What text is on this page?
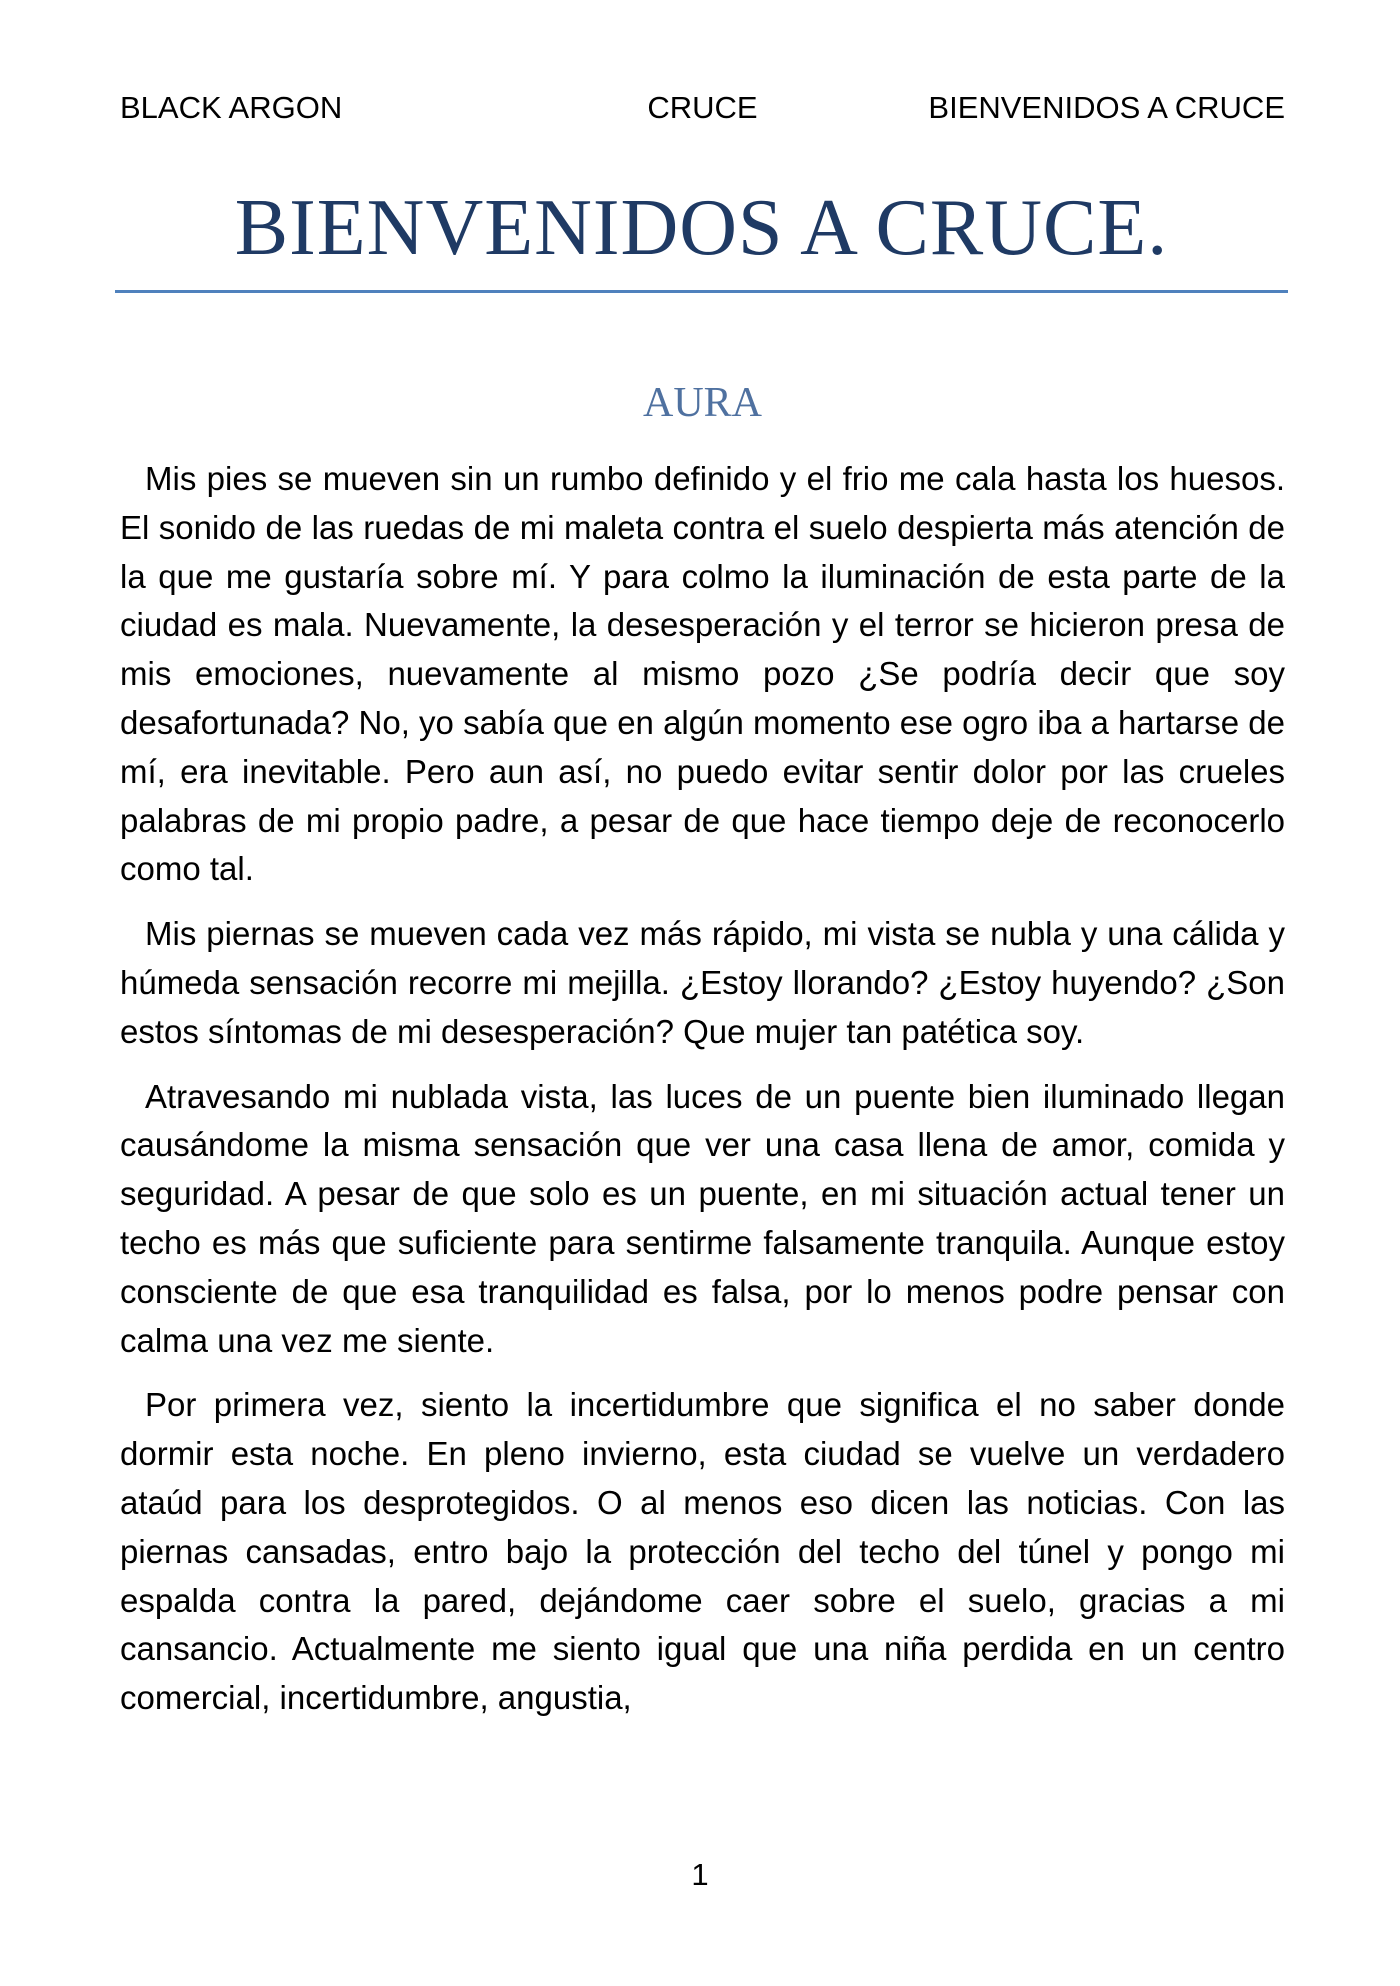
BLACK ARGON	CRUCE	BIENVENIDOS A CRUCE
BIENVENIDOS A CRUCE.
AURA

Mis pies se mueven sin un rumbo definido y el frio me cala hasta los huesos. El sonido de las ruedas de mi maleta contra el suelo despierta más atención de la que me gustaría sobre mí. Y para colmo la iluminación de esta parte de la ciudad es mala. Nuevamente, la desesperación y el terror se hicieron presa de mis emociones, nuevamente al mismo pozo ¿Se podría decir que soy desafortunada? No, yo sabía que en algún momento ese ogro iba a hartarse de mí, era inevitable. Pero aun así, no puedo evitar sentir dolor por las crueles palabras de mi propio padre, a pesar de que hace tiempo deje de reconocerlo como tal.

Mis piernas se mueven cada vez más rápido, mi vista se nubla y una cálida y húmeda sensación recorre mi mejilla. ¿Estoy llorando? ¿Estoy huyendo? ¿Son estos síntomas de mi desesperación? Que mujer tan patética soy.

Atravesando mi nublada vista, las luces de un puente bien iluminado llegan causándome la misma sensación que ver una casa llena de amor, comida y seguridad. A pesar de que solo es un puente, en mi situación actual tener un techo es más que suficiente para sentirme falsamente tranquila. Aunque estoy consciente de que esa tranquilidad es falsa, por lo menos podre pensar con calma una vez me siente.

Por primera vez, siento la incertidumbre que significa el no saber donde dormir esta noche. En pleno invierno, esta ciudad se vuelve un verdadero ataúd para los desprotegidos. O al menos eso dicen las noticias. Con las piernas cansadas, entro bajo la protección del techo del túnel y pongo mi espalda contra la pared, dejándome caer sobre el suelo, gracias a mi cansancio. Actualmente me siento igual que una niña perdida en un centro comercial, incertidumbre, angustia,

1
